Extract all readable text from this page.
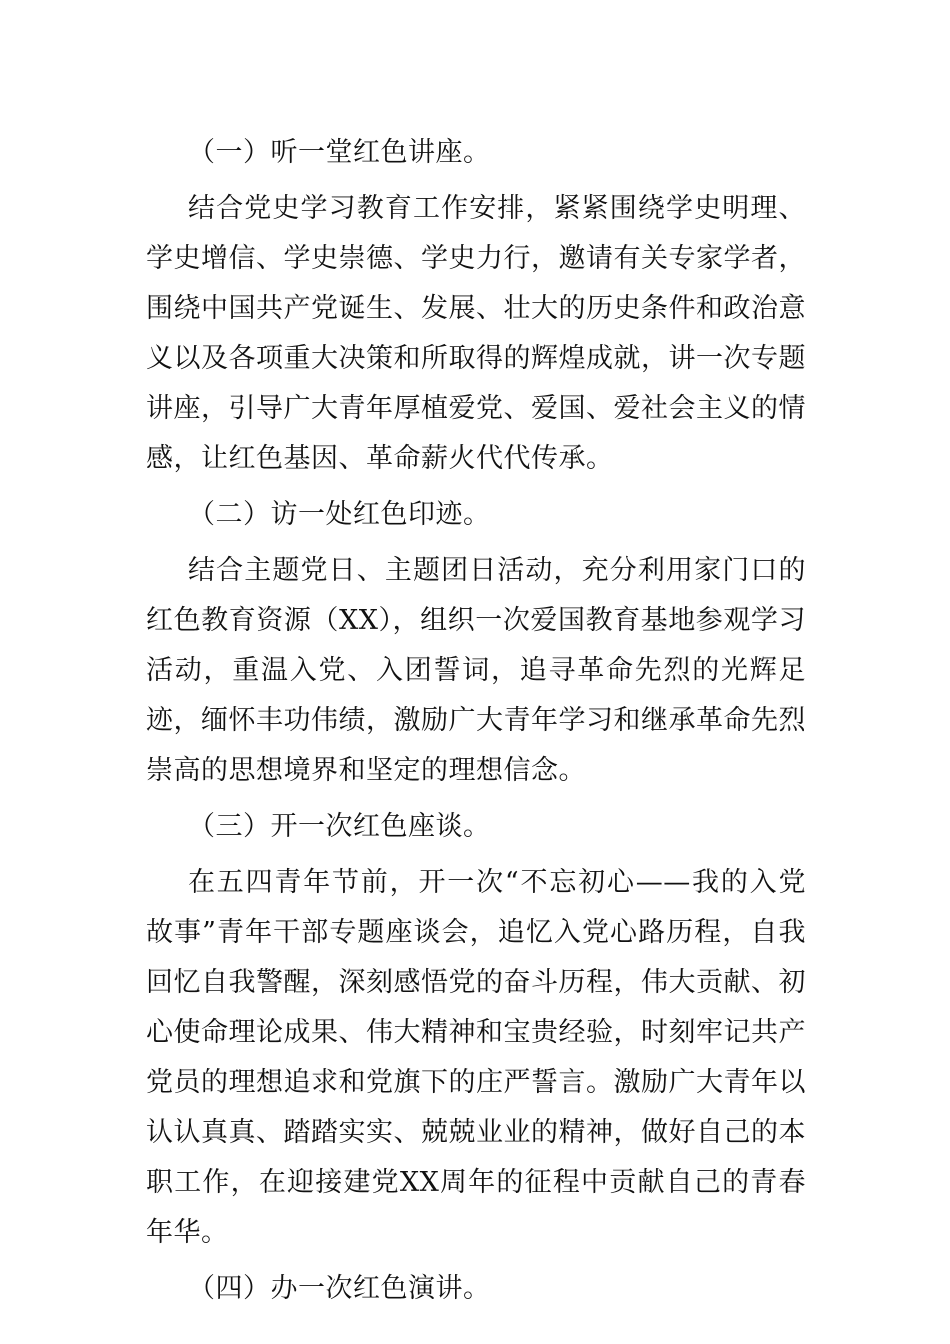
（一）听一堂红色讲座。

结合党史学习教育工作安排，紧紧围绕学史明理、学史增信、学史崇德、学史力行，邀请有关专家学者，围绕中国共产党诞生、发展、壮大的历史条件和政治意义以及各项重大决策和所取得的辉煌成就，讲一次专题讲座，引导广大青年厚植爱党、爱国、爱社会主义的情感，让红色基因、革命薪火代代传承。

（二）访一处红色印迹。

结合主题党日、主题团日活动，充分利用家门口的红色教育资源（XX），组织一次爱国教育基地参观学习活动，重温入党、入团誓词，追寻革命先烈的光辉足迹，缅怀丰功伟绩，激励广大青年学习和继承革命先烈崇高的思想境界和坚定的理想信念。

（三）开一次红色座谈。

在五四青年节前，开一次“不忘初心——我的入党故事”青年干部专题座谈会，追忆入党心路历程，自我回忆自我警醒，深刻感悟党的奋斗历程，伟大贡献、初心使命理论成果、伟大精神和宝贵经验，时刻牢记共产党员的理想追求和党旗下的庄严誓言。激励广大青年以认认真真、踏踏实实、兢兢业业的精神，做好自己的本职工作，在迎接建党XX周年的征程中贡献自己的青春年华。

（四）办一次红色演讲。
